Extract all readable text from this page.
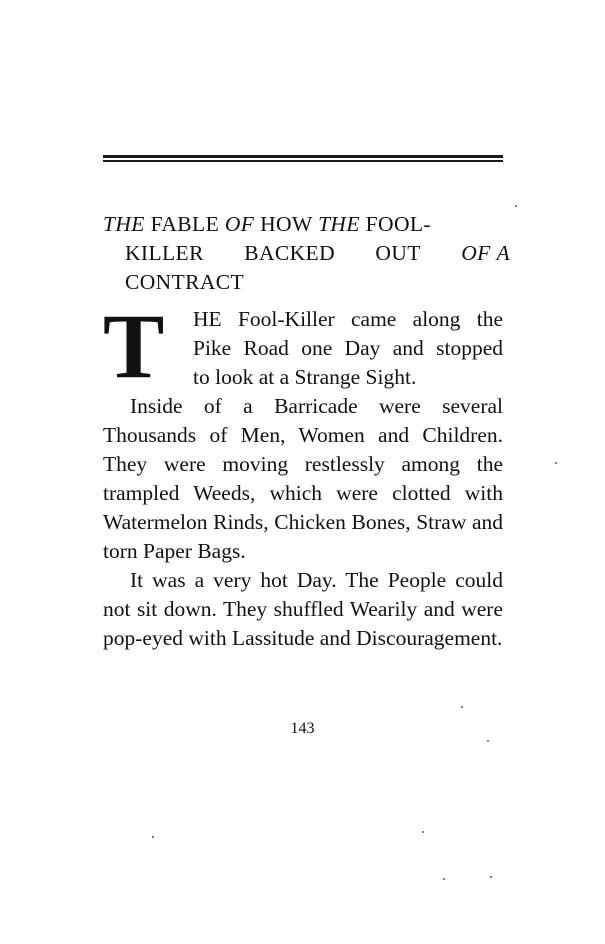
THE FABLE OF HOW THE FOOL-
KILLER BACKED OUT OF A
CONTRACT
T	HE Fool-Killer came along the
Pike Road one Day and stopped
to look at a Strange Sight.

Inside of a Barricade were several Thousands of Men, Women and Children. They were moving restlessly among the trampled Weeds, which were clotted with Watermelon Rinds, Chicken Bones, Straw and torn Paper Bags.

It was a very hot Day. The People could not sit down. They shuffled Wearily and were pop-eyed with Lassitude and Discouragement.

143
